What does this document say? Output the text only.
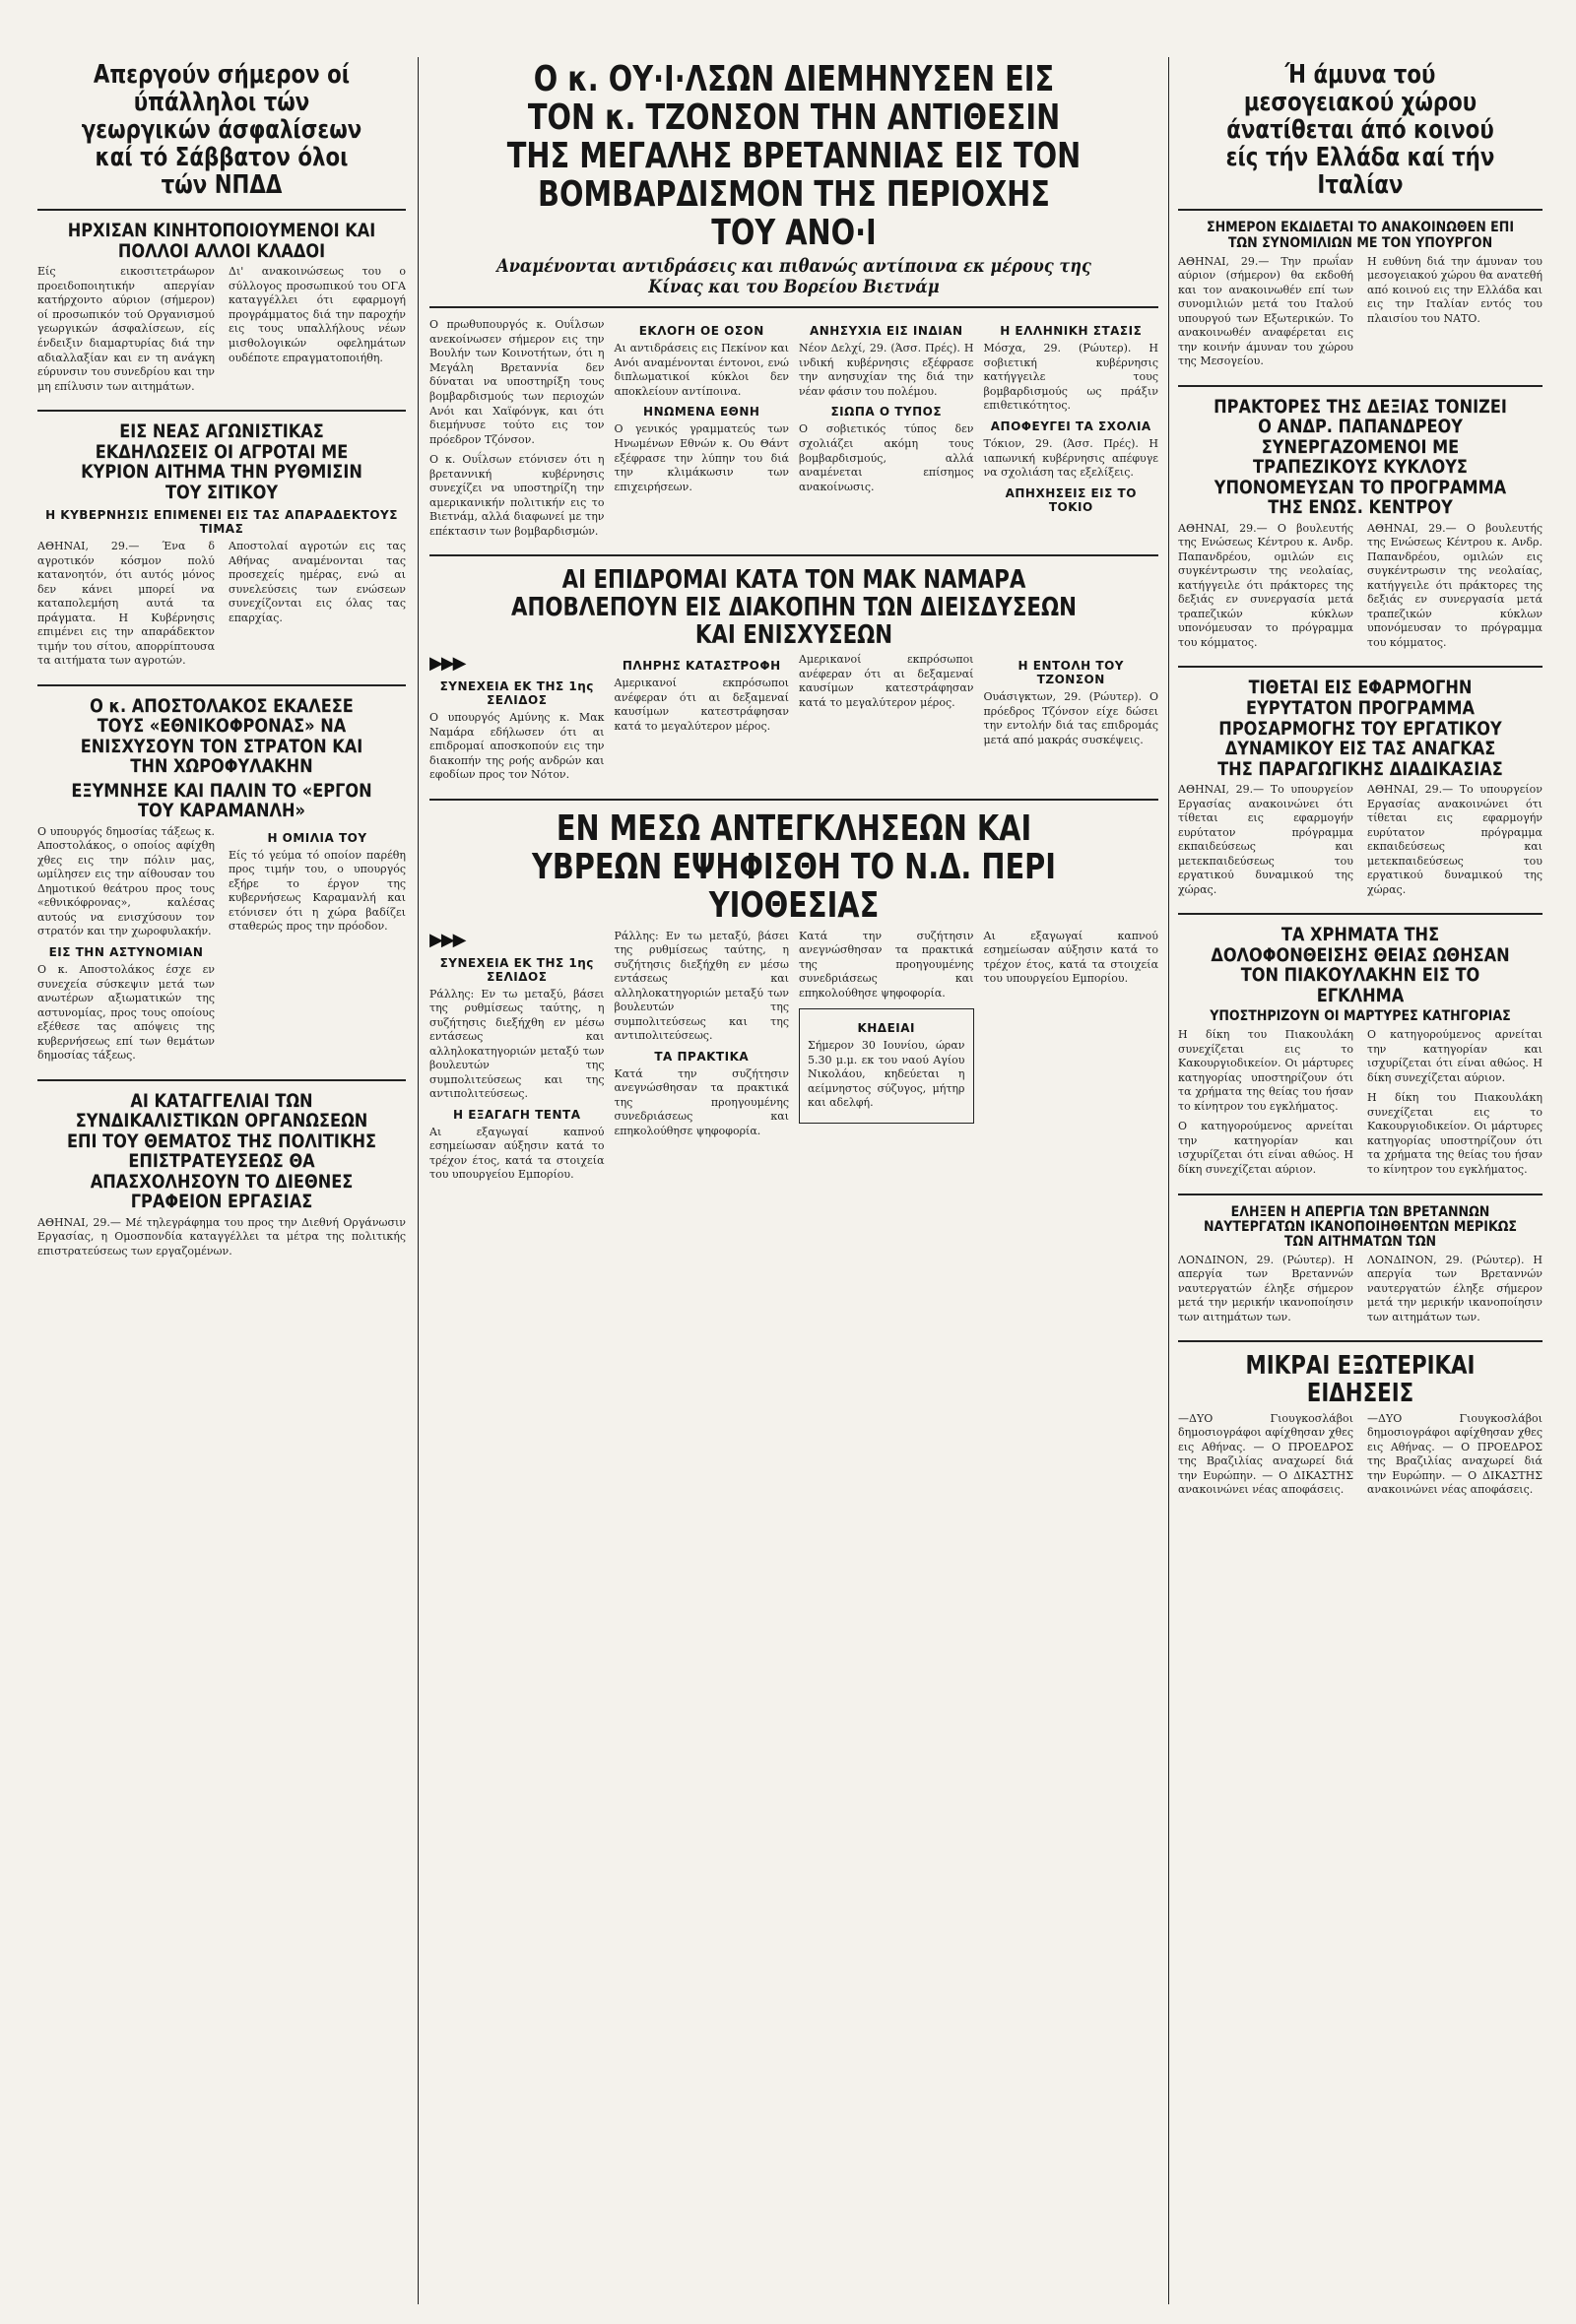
Απεργούν σήμερον οί ύπάλληλοι τών γεωργικών άσφαλίσεων καί τό Σάββατον όλοι τών ΝΠΔΔ
ΗΡΧΙΣΑΝ ΚΙΝΗΤΟΠΟΙΟΥΜΕΝΟΙ ΚΑΙ ΠΟΛΛΟΙ ΑΛΛΟΙ ΚΛΑΔΟΙ

Είς εικοσιτετράωρον προειδοποιητικήν απεργίαν κατήρχοντο αύριον (σήμερον) οί προσωπικόν τού Οργανισμού γεωργικών άσφαλίσεων, είς ένδειξιν διαμαρτυρίας διά την αδιαλλαξίαν και εν τη ανάγκη εύρυνσιν του συνεδρίου και την μη επίλυσιν των αιτημάτων.

Δι' ανακοινώσεως του ο σύλλογος προσωπικού του ΟΓΑ καταγγέλλει ότι εφαρμογή προγράμματος διά την παροχήν εις τους υπαλλήλους νέων μισθολογικών οφελημάτων ουδέποτε επραγματοποιήθη.

ΕΙΣ ΝΕΑΣ ΑΓΩΝΙΣΤΙΚΑΣ ΕΚΔΗΛΩΣΕΙΣ ΟΙ ΑΓΡΟΤΑΙ ΜΕ ΚΥΡΙΟΝ ΑΙΤΗΜΑ ΤΗΝ ΡΥΘΜΙΣΙΝ ΤΟΥ ΣΙΤΙΚΟΥ
Η ΚΥΒΕΡΝΗΣΙΣ ΕΠΙΜΕΝΕΙ ΕΙΣ ΤΑΣ ΑΠΑΡΑΔΕΚΤΟΥΣ ΤΙΜΑΣ

ΑΘΗΝΑΙ, 29.— Ένα δ αγροτικόν κόσμον πολύ κατανοητόν, ότι αυτός μόνος δεν κάνει μπορεί να καταπολεμήση αυτά τα πράγματα. Η Κυβέρνησις επιμένει εις την απαράδεκτον τιμήν του σίτου, απορρίπτουσα τα αιτήματα των αγροτών.

Αποστολαί αγροτών εις τας Αθήνας αναμένονται τας προσεχείς ημέρας, ενώ αι συνελεύσεις των ενώσεων συνεχίζονται εις όλας τας επαρχίας.

Ο κ. ΑΠΟΣΤΟΛΑΚΟΣ ΕΚΑΛΕΣΕ ΤΟΥΣ «ΕΘΝΙΚΟΦΡΟΝΑΣ» ΝΑ ΕΝΙΣΧΥΣΟΥΝ ΤΟΝ ΣΤΡΑΤΟΝ ΚΑΙ ΤΗΝ ΧΩΡΟΦΥΛΑΚΗΝ
ΕΞΥΜΝΗΣΕ ΚΑΙ ΠΑΛΙΝ ΤΟ «ΕΡΓΟΝ ΤΟΥ ΚΑΡΑΜΑΝΛΗ»

Ο υπουργός δημοσίας τάξεως κ. Αποστολάκος, ο οποίος αφίχθη χθες εις την πόλιν μας, ωμίλησεν εις την αίθουσαν του Δημοτικού θεάτρου προς τους «εθνικόφρονας», καλέσας αυτούς να ενισχύσουν τον στρατόν και την χωροφυλακήν.

ΕΙΣ ΤΗΝ ΑΣΤΥΝΟΜΙΑΝ

Ο κ. Αποστολάκος έσχε εν συνεχεία σύσκεψιν μετά των ανωτέρων αξιωματικών της αστυνομίας, προς τους οποίους εξέθεσε τας απόψεις της κυβερνήσεως επί των θεμάτων δημοσίας τάξεως.

Η ΟΜΙΛΙΑ ΤΟΥ

Είς τό γεύμα τό οποίον παρέθη προς τιμήν του, ο υπουργός εξήρε το έργον της κυβερνήσεως Καραμανλή και ετόνισεν ότι η χώρα βαδίζει σταθερώς προς την πρόοδον.

ΑΙ ΚΑΤΑΓΓΕΛΙΑΙ ΤΩΝ ΣΥΝΔΙΚΑΛΙΣΤΙΚΩΝ ΟΡΓΑΝΩΣΕΩΝ ΕΠΙ ΤΟΥ ΘΕΜΑΤΟΣ ΤΗΣ ΠΟΛΙΤΙΚΗΣ ΕΠΙΣΤΡΑΤΕΥΣΕΩΣ ΘΑ ΑΠΑΣΧΟΛΗΣΟΥΝ ΤΟ ΔΙΕΘΝΕΣ ΓΡΑΦΕΙΟΝ ΕΡΓΑΣΙΑΣ

ΑΘΗΝΑΙ, 29.— Μέ τηλεγράφημα του προς την Διεθνή Οργάνωσιν Εργασίας, η Ομοσπονδία καταγγέλλει τα μέτρα της πολιτικής επιστρατεύσεως των εργαζομένων.

Ο κ. ΟΥ·Ι·ΛΣΩΝ ΔΙΕΜΗΝΥΣΕΝ ΕΙΣ ΤΟΝ κ. ΤΖΟΝΣΟΝ ΤΗΝ ΑΝΤΙΘΕΣΙΝ ΤΗΣ ΜΕΓΑΛΗΣ ΒΡΕΤΑΝΝΙΑΣ ΕΙΣ ΤΟΝ ΒΟΜΒΑΡΔΙΣΜΟΝ ΤΗΣ ΠΕΡΙΟΧΗΣ ΤΟΥ ΑΝΟ·Ι
Αναμένονται αντιδράσεις και πιθανώς αντίποινα εκ μέρους της Κίνας και του Βορείου Βιετνάμ

Ο πρωθυπουργός κ. Ουΐλσων ανεκοίνωσεν σήμερον εις την Βουλήν των Κοινοτήτων, ότι η Μεγάλη Βρεταννία δεν δύναται να υποστηρίξη τους βομβαρδισμούς των περιοχών Ανόι και Χαϊφόνγκ, και ότι διεμήνυσε τούτο εις τον πρόεδρον Τζόνσον.

Ο κ. Ουΐλσων ετόνισεν ότι η βρεταννική κυβέρνησις συνεχίζει να υποστηρίζη την αμερικανικήν πολιτικήν εις το Βιετνάμ, αλλά διαφωνεί με την επέκτασιν των βομβαρδισμών.

ΕΚΛΟΓΗ ΟΕ ΟΣΟΝ

Αι αντιδράσεις εις Πεκίνον και Ανόι αναμένονται έντονοι, ενώ διπλωματικοί κύκλοι δεν αποκλείουν αντίποινα.

ΗΝΩΜΕΝΑ ΕΘΝΗ

Ο γενικός γραμματεύς των Ηνωμένων Εθνών κ. Ου Θάντ εξέφρασε την λύπην του διά την κλιμάκωσιν των επιχειρήσεων.

ΑΝΗΣΥΧΙΑ ΕΙΣ ΙΝΔΙΑΝ

Νέον Δελχί, 29. (Άσσ. Πρές). Η ινδική κυβέρνησις εξέφρασε την ανησυχίαν της διά την νέαν φάσιν του πολέμου.

ΣΙΩΠΑ Ο ΤΥΠΟΣ

Ο σοβιετικός τύπος δεν σχολιάζει ακόμη τους βομβαρδισμούς, αλλά αναμένεται επίσημος ανακοίνωσις.

Η ΕΛΛΗΝΙΚΗ ΣΤΑΣΙΣ

Μόσχα, 29. (Ρώυτερ). Η σοβιετική κυβέρνησις κατήγγειλε τους βομβαρδισμούς ως πράξιν επιθετικότητος.

ΑΠΟΦΕΥΓΕΙ ΤΑ ΣΧΟΛΙΑ

Τόκιον, 29. (Άσσ. Πρές). Η ιαπωνική κυβέρνησις απέφυγε να σχολιάση τας εξελίξεις.

ΑΠΗΧΗΣΕΙΣ ΕΙΣ ΤΟ ΤΟΚΙΟ
ΑΙ ΕΠΙΔΡΟΜΑΙ ΚΑΤΑ ΤΟΝ ΜΑΚ ΝΑΜΑΡΑ ΑΠΟΒΛΕΠΟΥΝ ΕΙΣ ΔΙΑΚΟΠΗΝ ΤΩΝ ΔΙΕΙΣΔΥΣΕΩΝ ΚΑΙ ΕΝΙΣΧΥΣΕΩΝ
▶▶▶
ΣΥΝΕΧΕΙΑ ΕΚ ΤΗΣ 1ης ΣΕΛΙΔΟΣ

Ο υπουργός Αμύνης κ. Μακ Ναμάρα εδήλωσεν ότι αι επιδρομαί αποσκοπούν εις την διακοπήν της ροής ανδρών και εφοδίων προς τον Νότον.

ΠΛΗΡΗΣ ΚΑΤΑΣΤΡΟΦΗ

Αμερικανοί εκπρόσωποι ανέφεραν ότι αι δεξαμεναί καυσίμων κατεστράφησαν κατά το μεγαλύτερον μέρος.

Αμερικανοί εκπρόσωποι ανέφεραν ότι αι δεξαμεναί καυσίμων κατεστράφησαν κατά το μεγαλύτερον μέρος.

Η ΕΝΤΟΛΗ ΤΟΥ ΤΖΟΝΣΟΝ

Ουάσιγκτων, 29. (Ρώυτερ). Ο πρόεδρος Τζόνσον είχε δώσει την εντολήν διά τας επιδρομάς μετά από μακράς συσκέψεις.

ΕΝ ΜΕΣΩ ΑΝΤΕΓΚΛΗΣΕΩΝ ΚΑΙ ΥΒΡΕΩΝ ΕΨΗΦΙΣΘΗ ΤΟ Ν.Δ. ΠΕΡΙ ΥΙΟΘΕΣΙΑΣ
▶▶▶
ΣΥΝΕΧΕΙΑ ΕΚ ΤΗΣ 1ης ΣΕΛΙΔΟΣ

Ράλλης: Εν τω μεταξύ, βάσει της ρυθμίσεως ταύτης, η συζήτησις διεξήχθη εν μέσω εντάσεως και αλληλοκατηγοριών μεταξύ των βουλευτών της συμπολιτεύσεως και της αντιπολιτεύσεως.

Η ΕΞΑΓΑΓΗ ΤΕΝΤΑ

Αι εξαγωγαί καπνού εσημείωσαν αύξησιν κατά το τρέχον έτος, κατά τα στοιχεία του υπουργείου Εμπορίου.

Ράλλης: Εν τω μεταξύ, βάσει της ρυθμίσεως ταύτης, η συζήτησις διεξήχθη εν μέσω εντάσεως και αλληλοκατηγοριών μεταξύ των βουλευτών της συμπολιτεύσεως και της αντιπολιτεύσεως.

ΤΑ ΠΡΑΚΤΙΚΑ

Κατά την συζήτησιν ανεγνώσθησαν τα πρακτικά της προηγουμένης συνεδριάσεως και επηκολούθησε ψηφοφορία.

Κατά την συζήτησιν ανεγνώσθησαν τα πρακτικά της προηγουμένης συνεδριάσεως και επηκολούθησε ψηφοφορία.

ΚΗΔΕΙΑΙ

Σήμερον 30 Ιουνίου, ώραν 5.30 μ.μ. εκ του ναού Αγίου Νικολάου, κηδεύεται η αείμνηστος σύζυγος, μήτηρ και αδελφή.

Αι εξαγωγαί καπνού εσημείωσαν αύξησιν κατά το τρέχον έτος, κατά τα στοιχεία του υπουργείου Εμπορίου.

Ή άμυνα τού μεσογειακού χώρου άνατίθεται άπό κοινού είς τήν Ελλάδα καί τήν Ιταλίαν
ΣΗΜΕΡΟΝ ΕΚΔΙΔΕΤΑΙ ΤΟ ΑΝΑΚΟΙΝΩΘΕΝ ΕΠΙ ΤΩΝ ΣΥΝΟΜΙΛΙΩΝ ΜΕ ΤΟΝ ΥΠΟΥΡΓΟΝ

ΑΘΗΝΑΙ, 29.— Την πρωΐαν αύριον (σήμερον) θα εκδοθή και τον ανακοινωθέν επί των συνομιλιών μετά του Ιταλού υπουργού των Εξωτερικών. Το ανακοινωθέν αναφέρεται εις την κοινήν άμυναν του χώρου της Μεσογείου.

Η ευθύνη διά την άμυναν του μεσογειακού χώρου θα ανατεθή από κοινού εις την Ελλάδα και εις την Ιταλίαν εντός του πλαισίου του ΝΑΤΟ.

ΠΡΑΚΤΟΡΕΣ ΤΗΣ ΔΕΞΙΑΣ ΤΟΝΙΖΕΙ Ο ΑΝΔΡ. ΠΑΠΑΝΔΡΕΟΥ ΣΥΝΕΡΓΑΖΟΜΕΝΟΙ ΜΕ ΤΡΑΠΕΖΙΚΟΥΣ ΚΥΚΛΟΥΣ ΥΠΟΝΟΜΕΥΣΑΝ ΤΟ ΠΡΟΓΡΑΜΜΑ ΤΗΣ ΕΝΩΣ. ΚΕΝΤΡΟΥ

ΑΘΗΝΑΙ, 29.— Ο βουλευτής της Ενώσεως Κέντρου κ. Ανδρ. Παπανδρέου, ομιλών εις συγκέντρωσιν της νεολαίας, κατήγγειλε ότι πράκτορες της δεξιάς εν συνεργασία μετά τραπεζικών κύκλων υπονόμευσαν το πρόγραμμα του κόμματος.

ΑΘΗΝΑΙ, 29.— Ο βουλευτής της Ενώσεως Κέντρου κ. Ανδρ. Παπανδρέου, ομιλών εις συγκέντρωσιν της νεολαίας, κατήγγειλε ότι πράκτορες της δεξιάς εν συνεργασία μετά τραπεζικών κύκλων υπονόμευσαν το πρόγραμμα του κόμματος.

ΤΙΘΕΤΑΙ ΕΙΣ ΕΦΑΡΜΟΓΗΝ ΕΥΡΥΤΑΤΟΝ ΠΡΟΓΡΑΜΜΑ ΠΡΟΣΑΡΜΟΓΗΣ ΤΟΥ ΕΡΓΑΤΙΚΟΥ ΔΥΝΑΜΙΚΟΥ ΕΙΣ ΤΑΣ ΑΝΑΓΚΑΣ ΤΗΣ ΠΑΡΑΓΩΓΙΚΗΣ ΔΙΑΔΙΚΑΣΙΑΣ

ΑΘΗΝΑΙ, 29.— Το υπουργείον Εργασίας ανακοινώνει ότι τίθεται εις εφαρμογήν ευρύτατον πρόγραμμα εκπαιδεύσεως και μετεκπαιδεύσεως του εργατικού δυναμικού της χώρας.

ΑΘΗΝΑΙ, 29.— Το υπουργείον Εργασίας ανακοινώνει ότι τίθεται εις εφαρμογήν ευρύτατον πρόγραμμα εκπαιδεύσεως και μετεκπαιδεύσεως του εργατικού δυναμικού της χώρας.

ΤΑ ΧΡΗΜΑΤΑ ΤΗΣ ΔΟΛΟΦΟΝΘΕΙΣΗΣ ΘΕΙΑΣ ΩΘΗΣΑΝ ΤΟΝ ΠΙΑΚΟΥΛΑΚΗΝ ΕΙΣ ΤΟ ΕΓΚΛΗΜΑ
ΥΠΟΣΤΗΡΙΖΟΥΝ ΟΙ ΜΑΡΤΥΡΕΣ ΚΑΤΗΓΟΡΙΑΣ

Η δίκη του Πιακουλάκη συνεχίζεται εις το Κακουργιοδικείον. Οι μάρτυρες κατηγορίας υποστηρίζουν ότι τα χρήματα της θείας του ήσαν το κίνητρον του εγκλήματος.

Ο κατηγορούμενος αρνείται την κατηγορίαν και ισχυρίζεται ότι είναι αθώος. Η δίκη συνεχίζεται αύριον.

Ο κατηγορούμενος αρνείται την κατηγορίαν και ισχυρίζεται ότι είναι αθώος. Η δίκη συνεχίζεται αύριον.

Η δίκη του Πιακουλάκη συνεχίζεται εις το Κακουργιοδικείον. Οι μάρτυρες κατηγορίας υποστηρίζουν ότι τα χρήματα της θείας του ήσαν το κίνητρον του εγκλήματος.

ΕΛΗΞΕΝ Η ΑΠΕΡΓΙΑ ΤΩΝ ΒΡΕΤΑΝΝΩΝ ΝΑΥΤΕΡΓΑΤΩΝ ΙΚΑΝΟΠΟΙΗΘΕΝΤΩΝ ΜΕΡΙΚΩΣ ΤΩΝ ΑΙΤΗΜΑΤΩΝ ΤΩΝ

ΛΟΝΔΙΝΟΝ, 29. (Ρώυτερ). Η απεργία των Βρεταννών ναυτεργατών έληξε σήμερον μετά την μερικήν ικανοποίησιν των αιτημάτων των.

ΛΟΝΔΙΝΟΝ, 29. (Ρώυτερ). Η απεργία των Βρεταννών ναυτεργατών έληξε σήμερον μετά την μερικήν ικανοποίησιν των αιτημάτων των.

ΜΙΚΡΑΙ ΕΞΩΤΕΡΙΚΑΙ ΕΙΔΗΣΕΙΣ

—ΔΥΟ Γιουγκοσλάβοι δημοσιογράφοι αφίχθησαν χθες εις Αθήνας. — Ο ΠΡΟΕΔΡΟΣ της Βραζιλίας αναχωρεί διά την Ευρώπην. — Ο ΔΙΚΑΣΤΗΣ ανακοινώνει νέας αποφάσεις.

—ΔΥΟ Γιουγκοσλάβοι δημοσιογράφοι αφίχθησαν χθες εις Αθήνας. — Ο ΠΡΟΕΔΡΟΣ της Βραζιλίας αναχωρεί διά την Ευρώπην. — Ο ΔΙΚΑΣΤΗΣ ανακοινώνει νέας αποφάσεις.
